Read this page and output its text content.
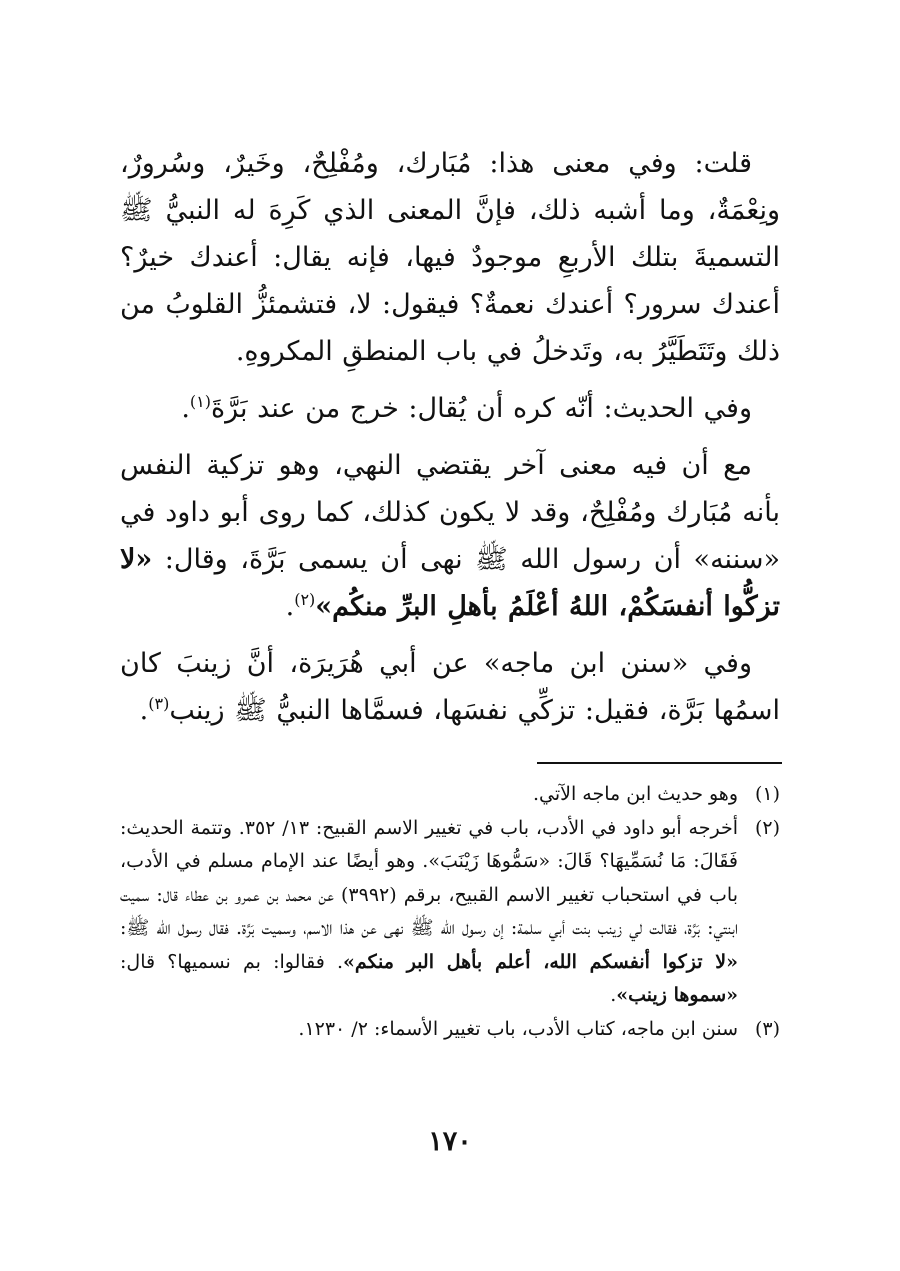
قلت: وفي معنى هذا: مُبَارك، ومُفْلِحٌ، وخَيرٌ، وسُرورٌ، ونِعْمَةٌ، وما أشبه ذلك، فإنَّ المعنى الذي كَرِهَ له النبيُّ ﷺ التسميةَ بتلك الأربعِ موجودٌ فيها، فإنه يقال: أعندك خيرٌ؟ أعندك سرور؟ أعندك نعمةٌ؟ فيقول: لا، فتشمئزُّ القلوبُ من ذلك وتَتَطَيَّرُ به، وتَدخلُ في باب المنطقِ المكروهِ.

وفي الحديث: أنّه كره أن يُقال: خرج من عند بَرَّةَ$^{(١)}$.

مع أن فيه معنى آخر يقتضي النهي، وهو تزكية النفس بأنه مُبَارك ومُفْلِحٌ، وقد لا يكون كذلك، كما روى أبو داود في «سننه» أن رسول الله ﷺ نهى أن يسمى بَرَّةَ، وقال: «لا تزكُّوا أنفسَكُمْ، اللهُ أعْلَمُ بأهلِ البرِّ منكُم»$^{(٢)}$.

وفي «سنن ابن ماجه» عن أبي هُرَيرَة، أنَّ زينبَ كان اسمُها بَرَّة، فقيل: تزكِّي نفسَها، فسمَّاها النبيُّ ﷺ زينب$^{(٣)}$.

(١)
وهو حديث ابن ماجه الآتي.
(٢)
أخرجه أبو داود في الأدب، باب في تغيير الاسم القبيح: ١٣/ ٣٥٢. وتتمة الحديث: فَقَالَ: مَا نُسَمِّيهَا؟ قَالَ: «سَمُّوهَا زَيْنَبَ». وهو أيضًا عند الإمام مسلم في الأدب، باب في استحباب تغيير الاسم القبيح، برقم (٣٩٩٢) عن محمد بن عمرو بن عطاء قال: سميت ابنتي: بَرَّة، فقالت لي زينب بنت أبي سلمة: إن رسول الله ﷺ نهى عن هذا الاسم، وسميت بَرَّة. فقال رسول الله ﷺ: «لا تزكوا أنفسكم الله، أعلم بأهل البر منكم». فقالوا: بم نسميها؟ قال: «سموها زينب».
(٣)
سنن ابن ماجه، كتاب الأدب، باب تغيير الأسماء: ٢/ ١٢٣٠.
١٧٠
